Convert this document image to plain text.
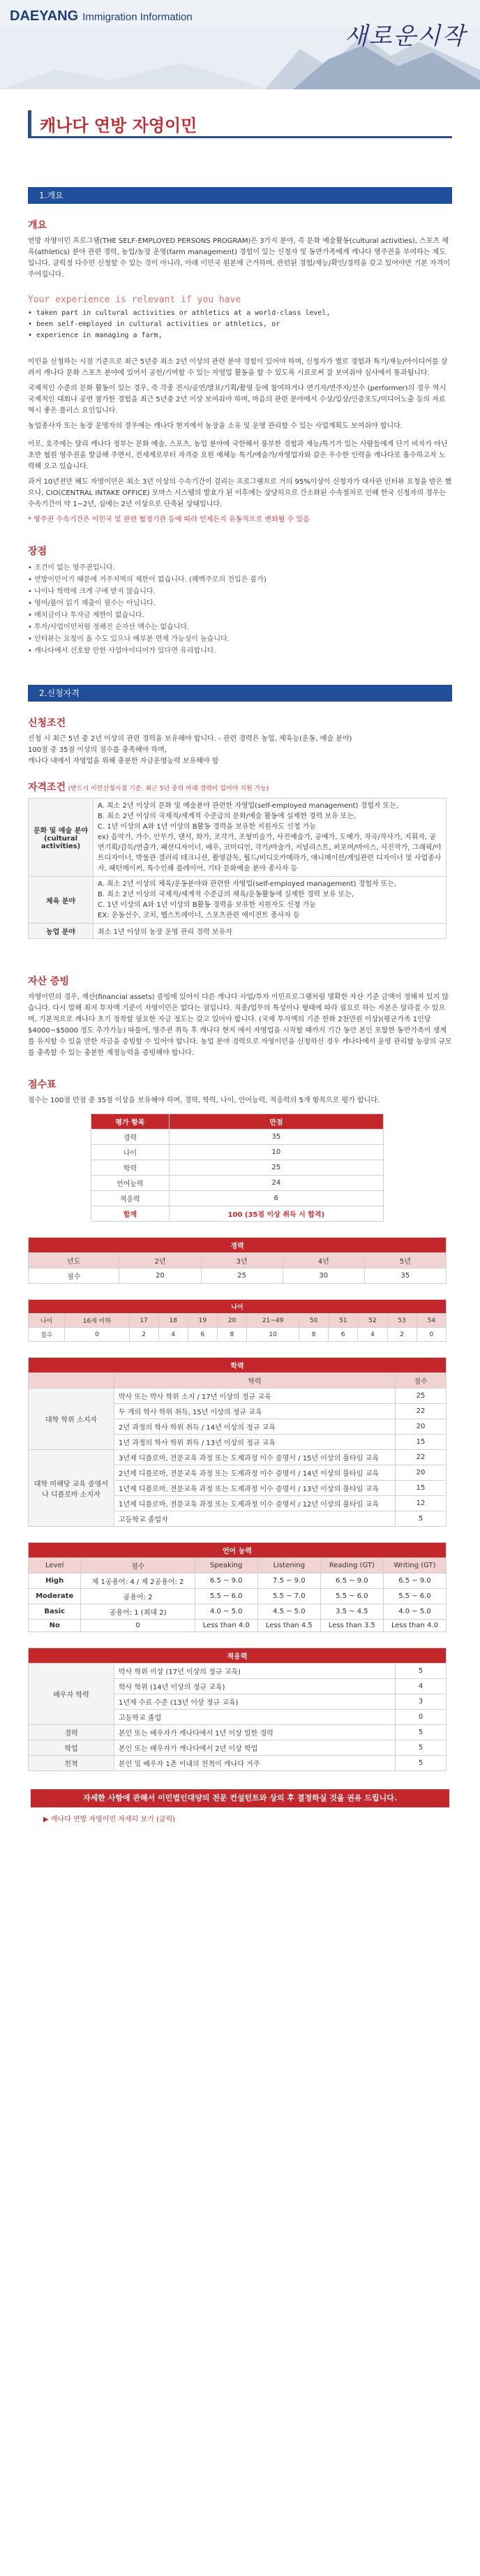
DAEYANG Immigration Information
새로운시작
캐나다 연방 자영이민
1.개요
개요

연방 자영이민 프로그램(THE SELF-EMPLOYED PERSONS PROGRAM)은 3가지 분야, 즉 문화 예술활동(cultural activities), 스포츠 체육(athletics) 분야 관련 경력, 농업/농장 운영(farm management) 경험이 있는 신청자 및 동반가족에게 캐나다 영주권을 부여하는 제도입니다. 클릭정 다수민 신청할 수 있는 것이 아니라, 아래 이민국 원본에 근거하며, 관련된 경험/재능/확인/경력을 갖고 있어야만 기본 자격이 주어집니다.

Your experience is relevant if you have
• taken part in cultural activities or athletics at a world-class level,
• been self-employed in cultural activities or athletics, or
• experience in managing a farm,

이민을 신청하는 시점 기준으로 최근 5년중 최소 2년 이상의 관련 분야 경험이 있어야 하며, 신청자가 별로 경험과 특기/재능/아이디어를 살려서 캐나다 문화 스포츠 분야에 있어서 공헌/기여할 수 있는 자영업 활동을 할 수 있도록 시료로써 잘 보여줘야 심사에서 통과됩니다.

국제적인 수준의 문화 활동이 있는 경우, 즉 각종 전시/공연/발표/기획/촬영 등에 참여하거나 연기자/연주자/선수 (performer)의 경우 역시 국제적인 대회나 공연 참가한 경험을 최근 5년중 2년 이상 보여줘야 하며, 마음의 관련 분야에서 수상/입상/인증포도/미디어노출 등의 자료 역시 좋은 플러스 요인입니다.

농업종사자 또는 농장 운영자의 경우에는 캐나다 현지에서 농장을 소유 및 운영 관리할 수 있는 사업계획도 보여줘야 합니다.

이로, 호주에는 달리 캐나다 정부는 문화 예술, 스포츠, 농업 분야에 국한해서 풍부한 경험과 재능/특기가 있는 사람들에게 단기 비자가 아닌 초반 협원 영주권을 발급해 주면서, 전세계로부터 자격증 요원 예체능 특기/예술가/자영업자와 같은 우수한 인력을 캐나다로 흡수하고자 노력해 오고 있습니다.

과거 10년전만 해도 자영이민은 최소 3년 이상의 수속기간이 걸리는 프로그램으로 거의 95%이상이 신청자가 대사관 인터뷰 요청을 받은 했으나, CIO(CENTRAL INTAKE OFFICE) 모마스 시스템의 발효가 된 이후에는 상당히으로 간소화된 수속절차로 인해 한국 신청자의 경우는 수속기간이 약 1~2년, 심에는 2년 이상으로 단축된 상태입니다.

* 영주권 수속기간은 이민국 및 관련 협정기관 등에 따라 언제든지 유동적으로 변화될 수 있음

장점
• 조건이 없는 영주권입니다.
• 연방이민이기 때문에 거주지역의 제한이 없습니다. (퀘벡주로의 전입은 불가)
• 나이나 학력에 크게 구애 받지 않습니다.
• 영어/불어 읽기 제출이 필수는 아닙니다.
• 예치금이나 투자금 제한이 없습니다.
• 투자/사업이민처럼 정해진 순자산 액수는 없습니다.
• 인터뷰는 요청이 올 수도 있으나 예부분 면제 가능성이 높습니다.
• 캐나다에서 선호할 만한 사업아이디어가 있다면 유리합니다.
2.신청자격
신청조건

신청 시 최근 5년 중 2년 이상의 관련 경력을 보유해야 합니다. - 관련 경력은 농업, 체육능(운동, 예술 분야)

100점 중 35점 이상의 점수를 충족해야 하며,

캐나다 내에서 자영업을 위해 충분한 자금운영능력 보유해야 함

자격조건 (반드시 이민신청시점 기준: 최근 5년 중의 아래 경력이 있어야 지원 가능)
문화 및 예술 분야 (cultural activities)	A. 최소 2년 이상의 문화 및 예술분야 관련한 자영업(self-employed management) 경험자 또는,
B. 최소 2년 이상의 국제적/세계적 수준급의 문화/예술 활동에 실제한 경력 보유 또는,
C. 1년 이상의 A와 1년 이상의 B활동 경력을 보유한 지원자도 신청 가능
ex) 음악가, 가수, 안무가, 댄서, 화가, 조각가, 조형미술가, 사진예술가, 공예가, 도예가, 작곡/작사가, 지휘자, 공연기획/감독/연출가, 패션디자이너, 배우, 코미디언, 각가/마술가, 저널리스트, 퍼포머/마이스, 사진작가, 그래픽/아트디자이너, 박물관 갤러리 테크니션, 촬영감독, 월드/비디오카메라가, 애니메이션/게임관련 디자이너 및 사업종사자, 패턴메이커, 특수인쇄 플레이어, 기타 문화예술 분야 종사자 등

체육 분야	A. 최소 2년 이상의 체육/운동분야와 관련한 자영업(self-employed management) 경험자 또는,
B. 최소 2년 이상의 국제적/세계적 수준급의 체육/운동활동에 실제한 경력 보유 또는,
C. 1년 이상의 A와 1년 이상의 B활동 경력을 보유한 지원자도 신청 가능
EX: 운동선수, 코치, 헬스트레이너, 스포츠관련 에이전트 종사자 등

농업 분야	최소 1년 이상의 농장 운영 관리 경력 보유자
자산 증빙

자영이민의 경우, 재산(financial assets) 증빙에 있어서 다른 캐나다 사업/투자 이민프로그램처럼 명확한 자산 기준 금액이 정해져 있지 않습니다. 다시 말해 최저 투자액 기준이 자영이민은 없다는 점입니다. 직종/업무의 특성이나 형태에 따라 필요로 하는 자본은 달라질 수 있으며, 기본적으로 캐나다 초기 정착할 필요한 자금 정도는 갖고 있어야 합니다. (국제 투자액의 기준 한화 2천만원 이상)(평균가족 1인당 $4000~$5000 정도 추가가능) 따를어, 영주권 취득 후 캐나다 현지 에서 자영업을 시작할 때까지 기간 동안 본인 포함한 동반가족이 생계를 유지할 수 있을 만한 자금을 증빙할 수 있어야 합니다. 농업 분야 경력으로 자영이민을 신청하신 경우 캐나다에서 운영 관리할 농장의 규모를 충족할 수 있는 충분한 재정능력을 증빙해야 합니다.

점수표

점수는 100점 만점 중 35점 이상을 보유해야 하며, 경력, 학력, 나이, 언어능력, 적응력의 5개 항목으로 평가 합니다.

평가 항목	만점
경력	35
나이	10
학력	25
언어능력	24
적응력	6
합계	100 (35점 이상 취득 시 합격)
경력				
년도	2년	3년	4년	5년
점수	20	25	30	35
나이											
나이	16세 이하	17	18	19	20	21~49	50	51	52	53	54
점수	0	2	4	6	8	10	8	6	4	2	0
학력		
	학력	점수
대학 학위 소지자	박사 또는 박사 학위 소지 / 17년 이상의 정규 교육	25
	두 개의 학사 학위 취득, 15년 이상의 정규 교육	22
	2년 과정의 학사 학위 취득 / 14년 이상의 정규 교육	20
	1년 과정의 학사 학위 취득 / 13년 이상의 정규 교육	15
대학 미해당 교육 증명서나 디플로마 소지자	3년제 디플로마, 전문교육 과정 또는 도제과정 이수 증명서 / 15년 이상의 풀타임 교육	22
	2년제 디플로마, 전문교육 과정 또는 도제과정 이수 증명서 / 14년 이상의 풀타임 교육	20
	1년제 디플로마, 전문교육 과정 또는 도제과정 이수 증명서 / 13년 이상의 풀타임 교육	15
	1년제 디플로마, 전문교육 과정 또는 도제과정 이수 증명서 / 12년 이상의 풀타임 교육	12
	고등학교 졸업자	5
언어 능력					
Level	점수	Speaking	Listening	Reading (GT)	Writing (GT)
High	제 1공용어: 4 / 제 2공용어: 2	6.5 ~ 9.0	7.5 ~ 9.0	6.5 ~ 9.0	6.5 ~ 9.0
Moderate	공용어: 2	5.5 ~ 6.0	5.5 ~ 7.0	5.5 ~ 6.0	5.5 ~ 6.0
Basic	공용어: 1 (최대 2)	4.0 ~ 5.0	4.5 ~ 5.0	3.5 ~ 4.5	4.0 ~ 5.0
No	0	Less than 4.0	Less than 4.5	Less than 3.5	Less than 4.0
적응력		
배우자 학력	박사 학위 이상 (17년 이상의 정규 교육)	5
	학사 학위 (14년 이상의 정규 교육)	4
	1년제 수료 수준 (13년 이상 정규 교육)	3
	고등학교 졸업	0
경력	본인 또는 배우자가 캐나다에서 1년 이상 일한 경력	5
학업	본인 또는 배우자가 캐나다에서 2년 이상 학업	5
친척	본인 및 배우자 1촌 이내의 친척이 캐나다 거주	5
자세한 사항에 관해서 이민법인대양의 전문 컨설턴트와 상의 후 결정하실 것을 권유 드립니다.
▶ 캐나다 연방 자영이민 자세히 보기 (클릭)
